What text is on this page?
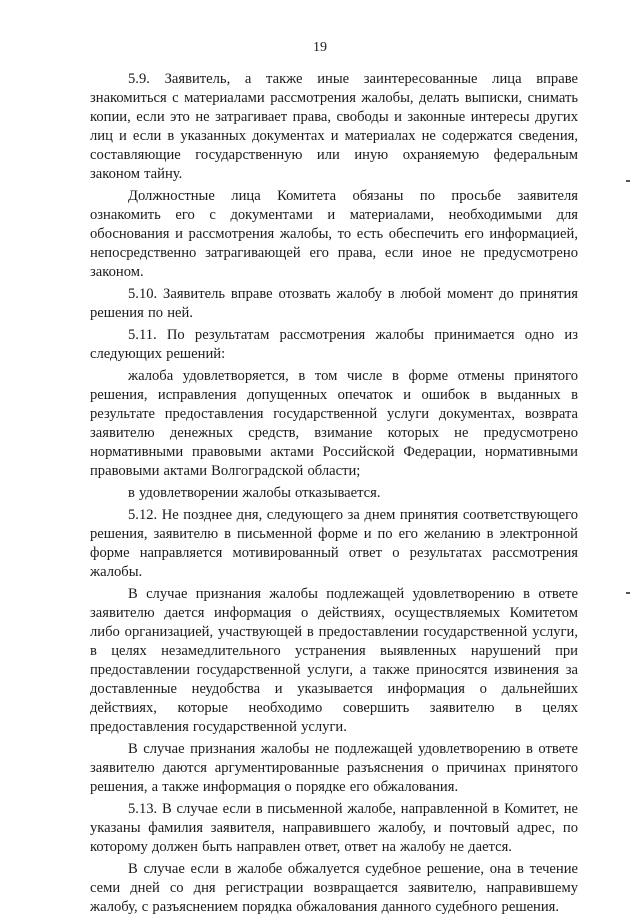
19

5.9. Заявитель, а также иные заинтересованные лица вправе знакомиться с материалами рассмотрения жалобы, делать выписки, снимать копии, если это не затрагивает права, свободы и законные интересы других лиц и если в указанных документах и материалах не содержатся сведения, составляющие государственную или иную охраняемую федеральным законом тайну.

Должностные лица Комитета обязаны по просьбе заявителя ознакомить его с документами и материалами, необходимыми для обоснования и рассмотрения жалобы, то есть обеспечить его информацией, непосредственно затрагивающей его права, если иное не предусмотрено законом.

5.10. Заявитель вправе отозвать жалобу в любой момент до принятия решения по ней.

5.11. По результатам рассмотрения жалобы принимается одно из следующих решений:

жалоба удовлетворяется, в том числе в форме отмены принятого решения, исправления допущенных опечаток и ошибок в выданных в результате предоставления государственной услуги документах, возврата заявителю денежных средств, взимание которых не предусмотрено нормативными правовыми актами Российской Федерации, нормативными правовыми актами Волгоградской области;

в удовлетворении жалобы отказывается.

5.12. Не позднее дня, следующего за днем принятия соответствующего решения, заявителю в письменной форме и по его желанию в электронной форме направляется мотивированный ответ о результатах рассмотрения жалобы.

В случае признания жалобы подлежащей удовлетворению в ответе заявителю дается информация о действиях, осуществляемых Комитетом либо организацией, участвующей в предоставлении государственной услуги, в целях незамедлительного устранения выявленных нарушений при предоставлении государственной услуги, а также приносятся извинения за доставленные неудобства и указывается информация о дальнейших действиях, которые необходимо совершить заявителю в целях предоставления государственной услуги.

В случае признания жалобы не подлежащей удовлетворению в ответе заявителю даются аргументированные разъяснения о причинах принятого решения, а также информация о порядке его обжалования.

5.13. В случае если в письменной жалобе, направленной в Комитет, не указаны фамилия заявителя, направившего жалобу, и почтовый адрес, по которому должен быть направлен ответ, ответ на жалобу не дается.

В случае если в жалобе обжалуется судебное решение, она в течение семи дней со дня регистрации возвращается заявителю, направившему жалобу, с разъяснением порядка обжалования данного судебного решения.
